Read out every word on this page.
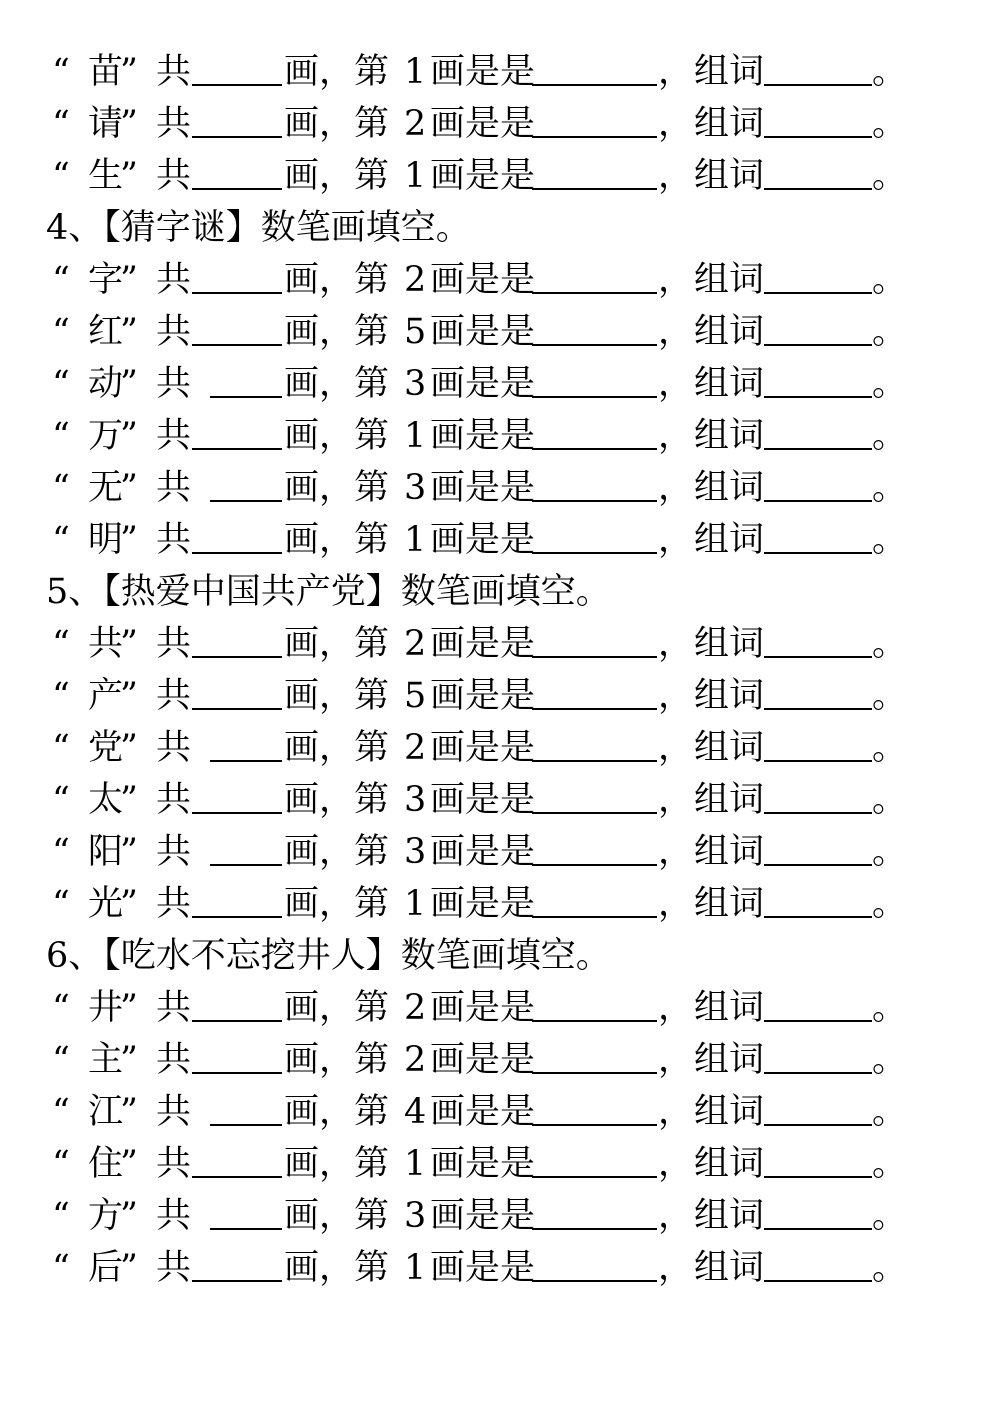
“ 苗
” 共	画，第 1 画是是	， 组词	。
“ 请
” 共	画，第 2 画是是	， 组词	。
“ 生
” 共	画，第 1 画是是	， 组词	。
4、【猜字谜】数笔画填空。
“ 字
” 共	画，第 2 画是是	， 组词	。
“ 红
” 共	画，第 5 画是是	， 组词	。
“ 动
” 共	画，第 3 画是是	， 组词	。
“ 万
” 共	画，第 1 画是是	， 组词	。
“ 无
” 共	画，第 3 画是是	， 组词	。
“ 明
” 共	画，第 1 画是是	， 组词	。
5、【热爱中国共产党】数笔画填空。
“ 共
” 共	画，第 2 画是是	， 组词	。
“ 产
” 共	画，第 5 画是是	， 组词	。
“ 党
” 共	画，第 2 画是是	， 组词	。
“ 太
” 共	画，第 3 画是是	， 组词	。
“ 阳
” 共	画，第 3 画是是	， 组词	。
“ 光
” 共	画，第 1 画是是	， 组词	。
6、【吃水不忘挖井人】数笔画填空。
“ 井
” 共	画，第 2 画是是	， 组词	。
“ 主
” 共	画，第 2 画是是	， 组词	。
“ 江
” 共	画，第 4 画是是	， 组词	。
“ 住
” 共	画，第 1 画是是	， 组词	。
“ 方
” 共	画，第 3 画是是	， 组词	。
“ 后
” 共	画，第 1 画是是	， 组词	。
